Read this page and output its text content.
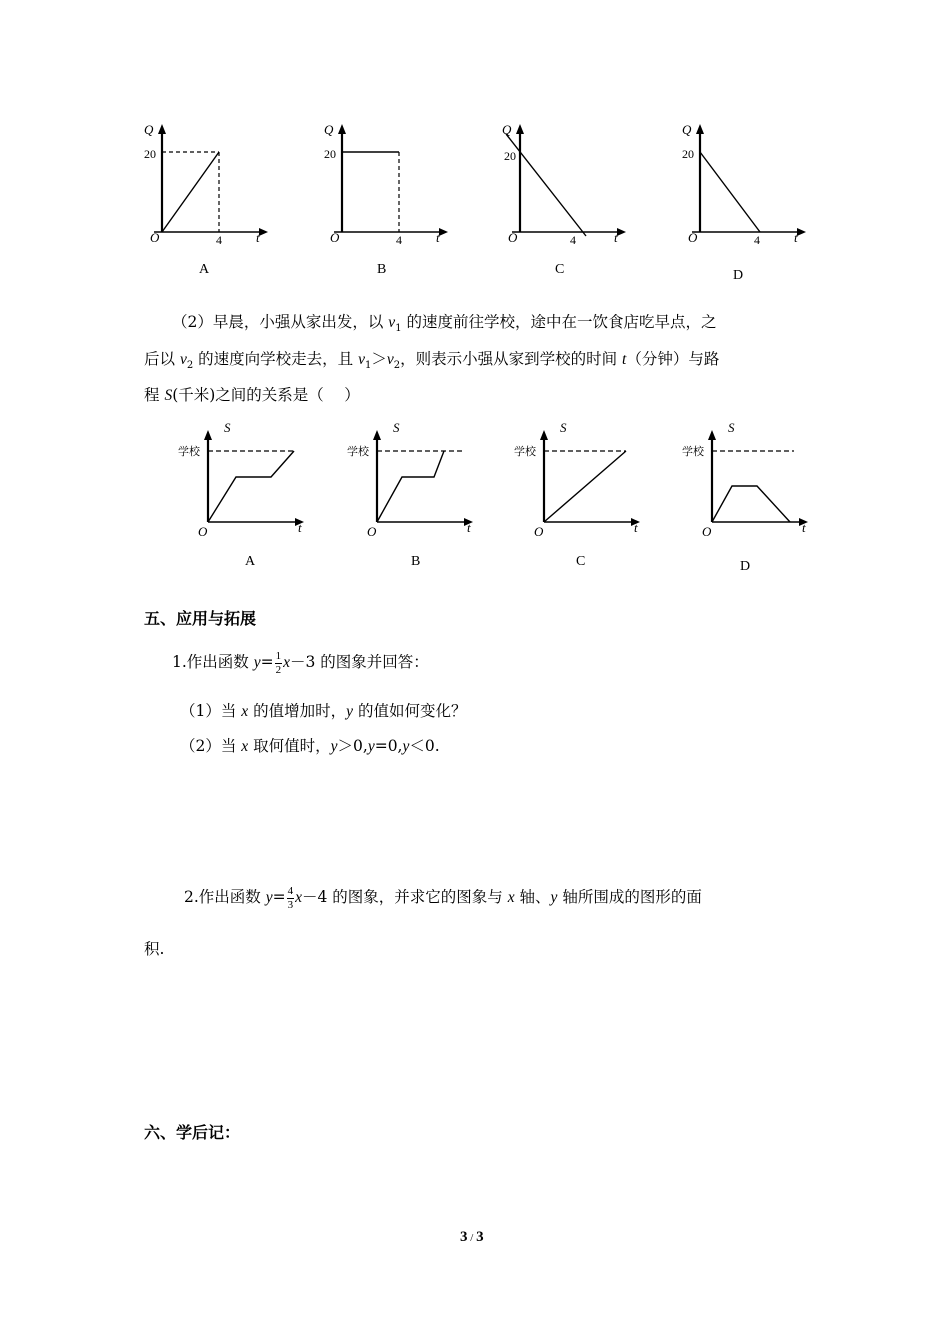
Q
20
O	4	t
A
Q
20
O	4	t
B
Q
20
O	4	t
C
Q
20
O	4	t
D
（2）早晨，小强从家出发，以 $v_1$ 的速度前往学校，途中在一饮食店吃早点，之
后以 $v_2$ 的速度向学校走去，且 $v_1>v_2$，则表示小强从家到学校的时间 t（分钟）与路
程 S(千米)之间的关系是（　 ）
S
学校
O	t
A
S
学校
O	t
B
S
学校
O	t
C
S
学校
O	t
D
五、应用与拓展
1.作出函数 $y= \frac{1}{2} x-3$ 的图象并回答：
（1）当 x 的值增加时，y 的值如何变化？
（2）当 x 取何值时，y＞0,y=0,y＜0.
2.作出函数 $y= \frac{4}{3} x-4$ 的图象，并求它的图象与 x 轴、y 轴所围成的图形的面
积.
六、学后记：
3 / 3
